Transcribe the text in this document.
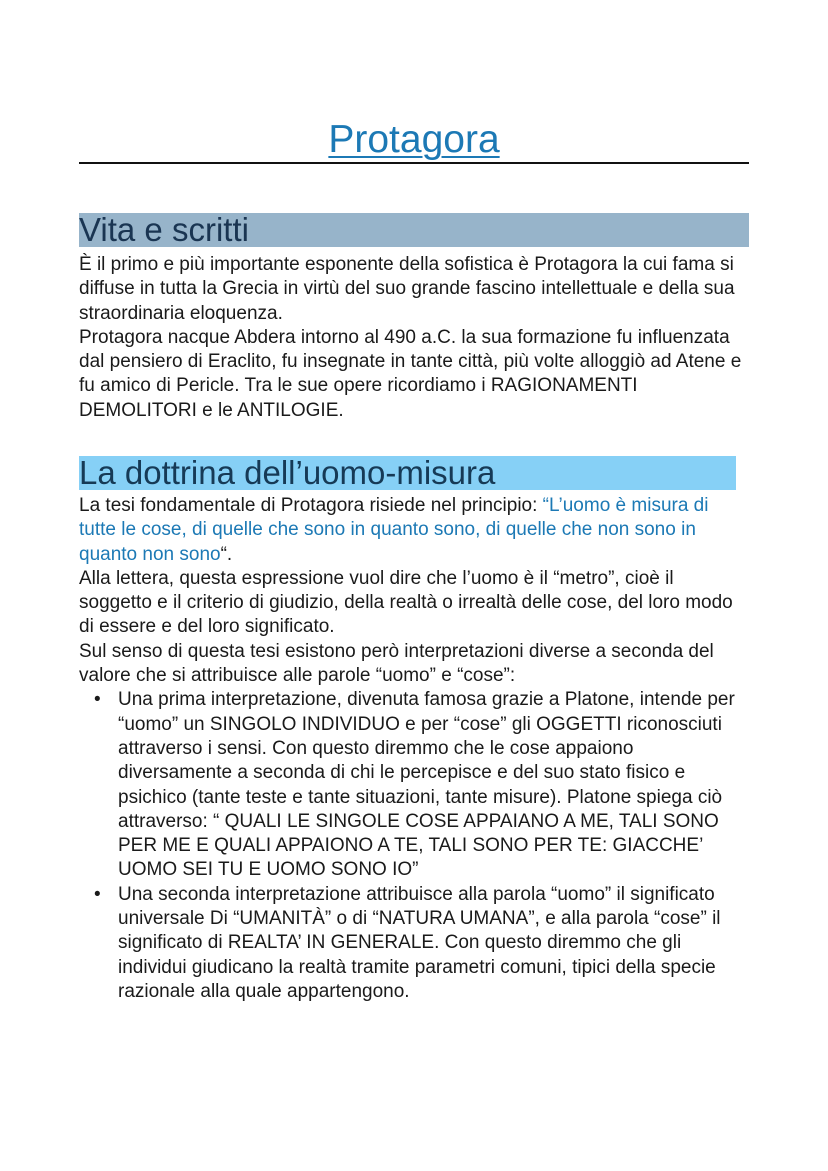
Protagora
Vita e scritti

È il primo e più importante esponente della sofistica è Protagora la cui fama si diffuse in tutta la Grecia in virtù del suo grande fascino intellettuale e della sua straordinaria eloquenza.

Protagora nacque Abdera intorno al 490 a.C. la sua formazione fu influenzata dal pensiero di Eraclito, fu insegnate in tante città, più volte alloggiò ad Atene e fu amico di Pericle. Tra le sue opere ricordiamo i RAGIONAMENTI DEMOLITORI e le ANTILOGIE.

La dottrina dell’uomo-misura

La tesi fondamentale di Protagora risiede nel principio: “L’uomo è misura di tutte le cose, di quelle che sono in quanto sono, di quelle che non sono in quanto non sono“.

Alla lettera, questa espressione vuol dire che l’uomo è il “metro”, cioè il soggetto e il criterio di giudizio, della realtà o irrealtà delle cose, del loro modo di essere e del loro significato.

Sul senso di questa tesi esistono però interpretazioni diverse a seconda del valore che si attribuisce alle parole “uomo” e “cose”:

• Una prima interpretazione, divenuta famosa grazie a Platone, intende per “uomo” un SINGOLO INDIVIDUO e per “cose” gli OGGETTI riconosciuti attraverso i sensi. Con questo diremmo che le cose appaiono diversamente a seconda di chi le percepisce e del suo stato fisico e psichico (tante teste e tante situazioni, tante misure). Platone spiega ciò attraverso: “ QUALI LE SINGOLE COSE APPAIANO A ME, TALI SONO PER ME E QUALI APPAIONO A TE, TALI SONO PER TE: GIACCHE’ UOMO SEI TU E UOMO SONO IO”
• Una seconda interpretazione attribuisce alla parola “uomo” il significato universale Di “UMANITÀ” o di “NATURA UMANA”, e alla parola “cose” il significato di REALTA’ IN GENERALE. Con questo diremmo che gli individui giudicano la realtà tramite parametri comuni, tipici della specie razionale alla quale appartengono.
